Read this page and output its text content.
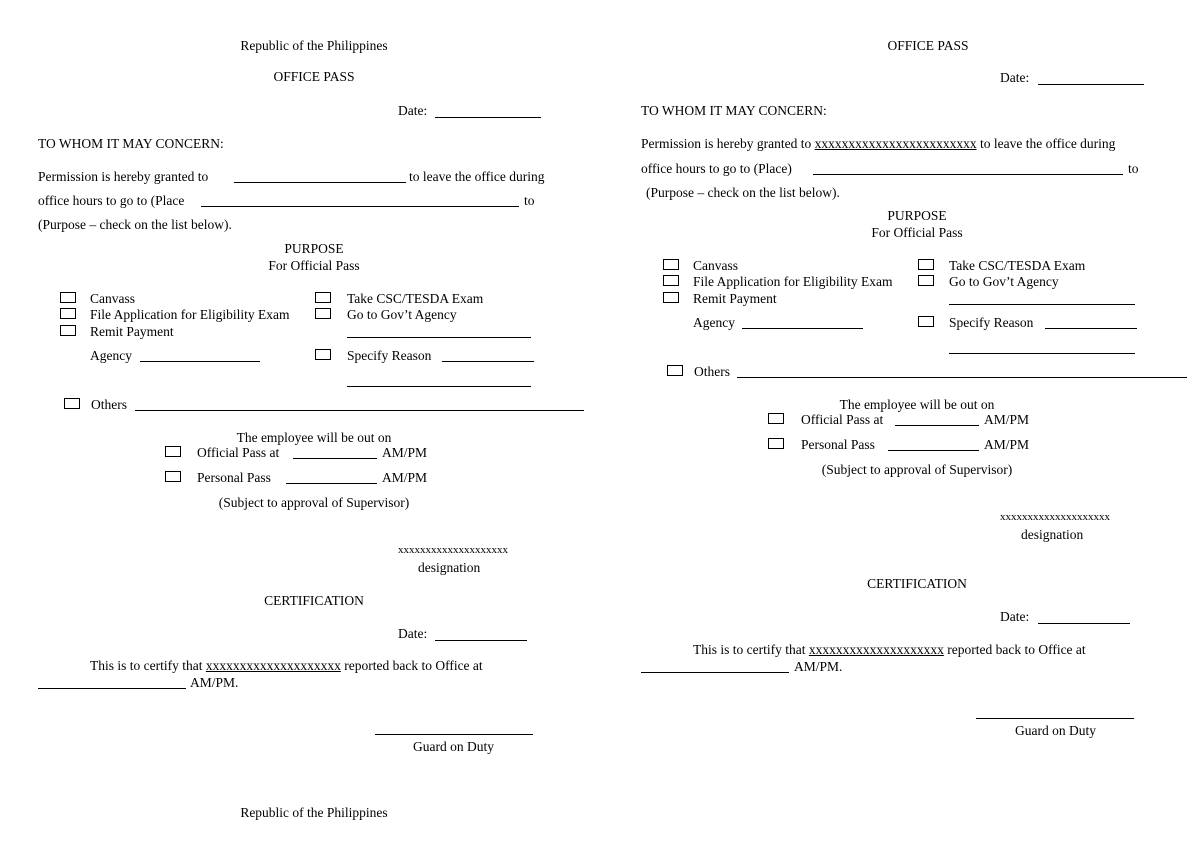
Republic of the Philippines
OFFICE PASS
Date:
TO WHOM IT MAY CONCERN:
Permission is hereby granted to	to leave the office during
office hours to go to (Place	to
(Purpose – check on the list below).
PURPOSE
For Official Pass
Canvass
File Application for Eligibility Exam
Remit Payment
Agency
Take CSC/TESDA Exam
Go to Gov’t Agency
Specify Reason
Others
The employee will be out on
Official Pass at	AM/PM
Personal Pass	AM/PM
(Subject to approval of Supervisor)
xxxxxxxxxxxxxxxxxxxx
designation
CERTIFICATION
Date:
This is to certify that xxxxxxxxxxxxxxxxxxxx reported back to Office at
AM/PM.
Guard on Duty
Republic of the Philippines
OFFICE PASS
Date:
TO WHOM IT MAY CONCERN:
Permission is hereby granted to xxxxxxxxxxxxxxxxxxxxxxxx to leave the office during
office hours to go to (Place)	to
(Purpose – check on the list below).
PURPOSE
For Official Pass
Canvass
File Application for Eligibility Exam
Remit Payment
Agency
Take CSC/TESDA Exam
Go to Gov’t Agency
Specify Reason
Others
The employee will be out on
Official Pass at	AM/PM
Personal Pass	AM/PM
(Subject to approval of Supervisor)
xxxxxxxxxxxxxxxxxxxx
designation
CERTIFICATION
Date:
This is to certify that xxxxxxxxxxxxxxxxxxxx reported back to Office at
AM/PM.
Guard on Duty
